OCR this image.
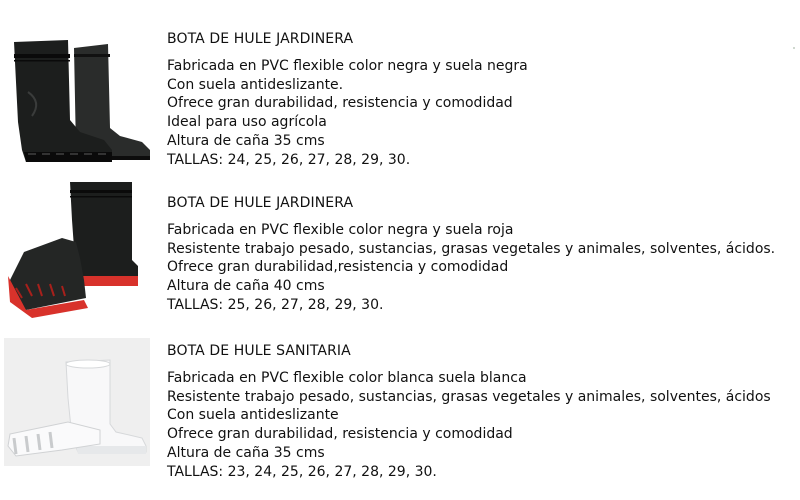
BOTA DE HULE JARDINERA
Fabricada en PVC flexible color negra y suela negra
Con suela antideslizante.
Ofrece gran durabilidad, resistencia y comodidad
Ideal para uso agrícola
Altura de caña 35 cms
TALLAS: 24, 25, 26, 27, 28, 29, 30.
BOTA DE HULE JARDINERA
Fabricada en PVC flexible color negra y suela roja
Resistente trabajo pesado, sustancias, grasas vegetales y animales, solventes, ácidos.
Ofrece gran durabilidad,resistencia y comodidad
Altura de caña 40 cms
TALLAS: 25, 26, 27, 28, 29, 30.
BOTA DE HULE SANITARIA
Fabricada en PVC flexible color blanca suela blanca
Resistente trabajo pesado, sustancias, grasas vegetales y animales, solventes, ácidos
Con suela antideslizante
Ofrece gran durabilidad, resistencia y comodidad
Altura de caña 35 cms
TALLAS: 23, 24, 25, 26, 27, 28, 29, 30.
